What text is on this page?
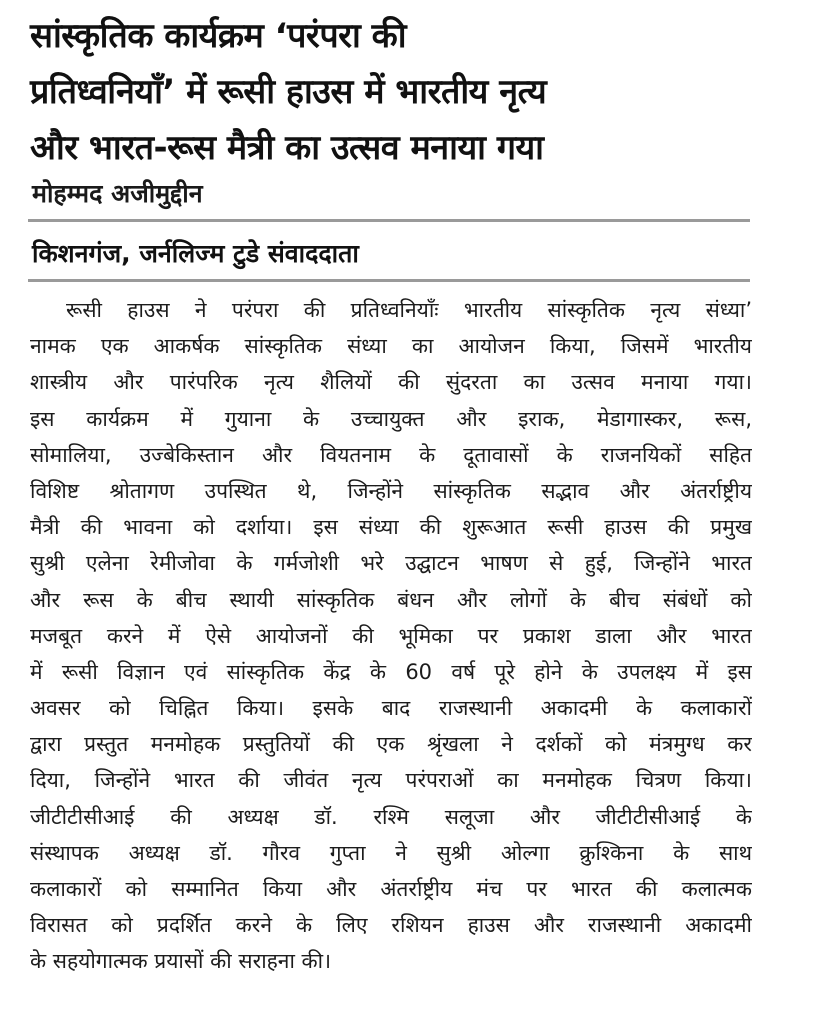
सांस्कृतिक कार्यक्रम ‘परंपरा की
प्रतिध्वनियाँ’ में रूसी हाउस में भारतीय नृत्य
और भारत-रूस मैत्री का उत्सव मनाया गया
मोहम्मद अजीमुद्दीन
किशनगंज, जर्नलिज्म टुडे संवाददाता
रूसी हाउस ने परंपरा की प्रतिध्वनियाँः भारतीय सांस्कृतिक नृत्य संध्या’
नामक एक आकर्षक सांस्कृतिक संध्या का आयोजन किया, जिसमें भारतीय
शास्त्रीय और पारंपरिक नृत्य शैलियों की सुंदरता का उत्सव मनाया गया।
इस कार्यक्रम में गुयाना के उच्चायुक्त और इराक, मेडागास्कर, रूस,
सोमालिया, उज्बेकिस्तान और वियतनाम के दूतावासों के राजनयिकों सहित
विशिष्ट श्रोतागण उपस्थित थे, जिन्होंने सांस्कृतिक सद्भाव और अंतर्राष्ट्रीय
मैत्री की भावना को दर्शाया। इस संध्या की शुरूआत रूसी हाउस की प्रमुख
सुश्री एलेना रेमीजोवा के गर्मजोशी भरे उद्घाटन भाषण से हुई, जिन्होंने भारत
और रूस के बीच स्थायी सांस्कृतिक बंधन और लोगों के बीच संबंधों को
मजबूत करने में ऐसे आयोजनों की भूमिका पर प्रकाश डाला और भारत
में रूसी विज्ञान एवं सांस्कृतिक केंद्र के 60 वर्ष पूरे होने के उपलक्ष्य में इस
अवसर को चिह्नित किया। इसके बाद राजस्थानी अकादमी के कलाकारों
द्वारा प्रस्तुत मनमोहक प्रस्तुतियों की एक श्रृंखला ने दर्शकों को मंत्रमुग्ध कर
दिया, जिन्होंने भारत की जीवंत नृत्य परंपराओं का मनमोहक चित्रण किया।
जीटीटीसीआई की अध्यक्ष डॉ. रश्मि सलूजा और जीटीटीसीआई के
संस्थापक अध्यक्ष डॉ. गौरव गुप्ता ने सुश्री ओल्गा क्रुश्किना के साथ
कलाकारों को सम्मानित किया और अंतर्राष्ट्रीय मंच पर भारत की कलात्मक
विरासत को प्रदर्शित करने के लिए रशियन हाउस और राजस्थानी अकादमी
के सहयोगात्मक प्रयासों की सराहना की।
